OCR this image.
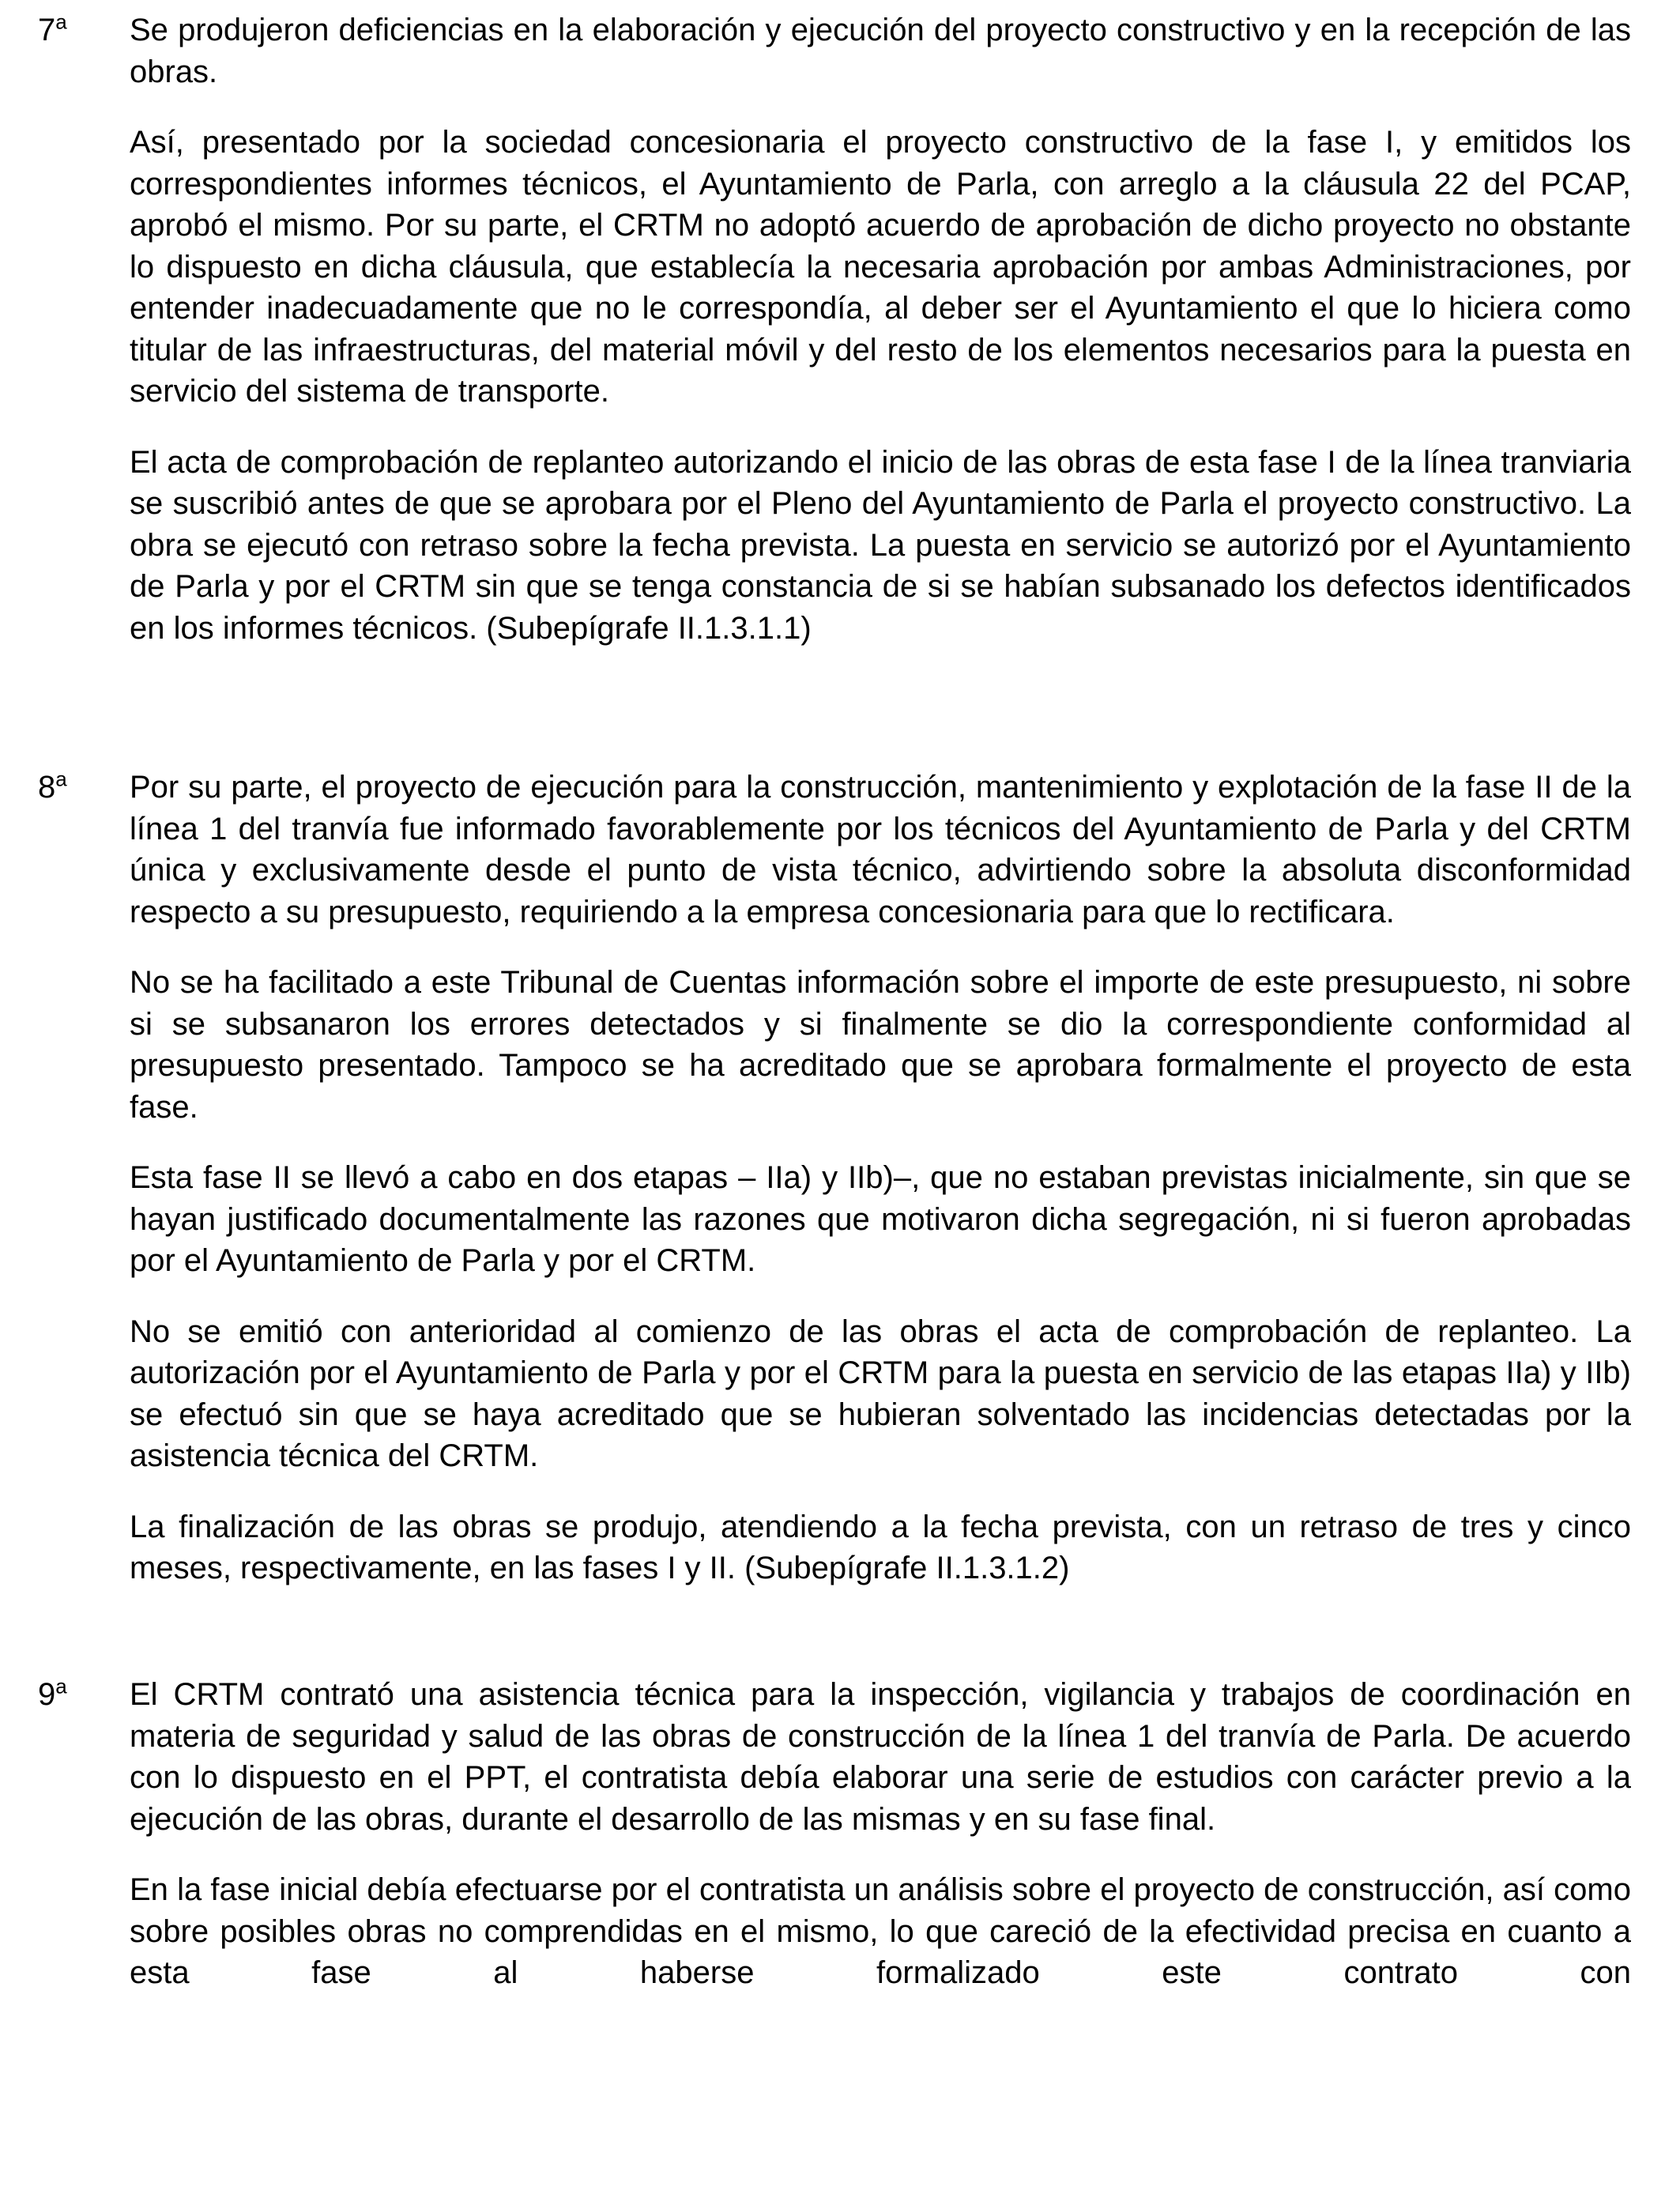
7$^a$ Se produjeron deficiencias en la elaboración y ejecución del proyecto constructivo y en la recepción de las obras.

Así, presentado por la sociedad concesionaria el proyecto constructivo de la fase I, y emitidos los correspondientes informes técnicos, el Ayuntamiento de Parla, con arreglo a la cláusula 22 del PCAP, aprobó el mismo. Por su parte, el CRTM no adoptó acuerdo de aprobación de dicho proyecto no obstante lo dispuesto en dicha cláusula, que establecía la necesaria aprobación por ambas Administraciones, por entender inadecuadamente que no le correspondía, al deber ser el Ayuntamiento el que lo hiciera como titular de las infraestructuras, del material móvil y del resto de los elementos necesarios para la puesta en servicio del sistema de transporte.

El acta de comprobación de replanteo autorizando el inicio de las obras de esta fase I de la línea tranviaria se suscribió antes de que se aprobara por el Pleno del Ayuntamiento de Parla el proyecto constructivo. La obra se ejecutó con retraso sobre la fecha prevista. La puesta en servicio se autorizó por el Ayuntamiento de Parla y por el CRTM sin que se tenga constancia de si se habían subsanado los defectos identificados en los informes técnicos. (Subepígrafe II.1.3.1.1)

8$^a$ Por su parte, el proyecto de ejecución para la construcción, mantenimiento y explotación de la fase II de la línea 1 del tranvía fue informado favorablemente por los técnicos del Ayuntamiento de Parla y del CRTM única y exclusivamente desde el punto de vista técnico, advirtiendo sobre la absoluta disconformidad respecto a su presupuesto, requiriendo a la empresa concesionaria para que lo rectificara.

No se ha facilitado a este Tribunal de Cuentas información sobre el importe de este presupuesto, ni sobre si se subsanaron los errores detectados y si finalmente se dio la correspondiente conformidad al presupuesto presentado. Tampoco se ha acreditado que se aprobara formalmente el proyecto de esta fase.

Esta fase II se llevó a cabo en dos etapas – IIa) y IIb)–, que no estaban previstas inicialmente, sin que se hayan justificado documentalmente las razones que motivaron dicha segregación, ni si fueron aprobadas por el Ayuntamiento de Parla y por el CRTM.

No se emitió con anterioridad al comienzo de las obras el acta de comprobación de replanteo. La autorización por el Ayuntamiento de Parla y por el CRTM para la puesta en servicio de las etapas IIa) y IIb) se efectuó sin que se haya acreditado que se hubieran solventado las incidencias detectadas por la asistencia técnica del CRTM.

La finalización de las obras se produjo, atendiendo a la fecha prevista, con un retraso de tres y cinco meses, respectivamente, en las fases I y II. (Subepígrafe II.1.3.1.2)

9$^a$ El CRTM contrató una asistencia técnica para la inspección, vigilancia y trabajos de coordinación en materia de seguridad y salud de las obras de construcción de la línea 1 del tranvía de Parla. De acuerdo con lo dispuesto en el PPT, el contratista debía elaborar una serie de estudios con carácter previo a la ejecución de las obras, durante el desarrollo de las mismas y en su fase final.

En la fase inicial debía efectuarse por el contratista un análisis sobre el proyecto de construcción, así como sobre posibles obras no comprendidas en el mismo, lo que careció de la efectividad precisa en cuanto a esta fase al haberse formalizado este contrato con
